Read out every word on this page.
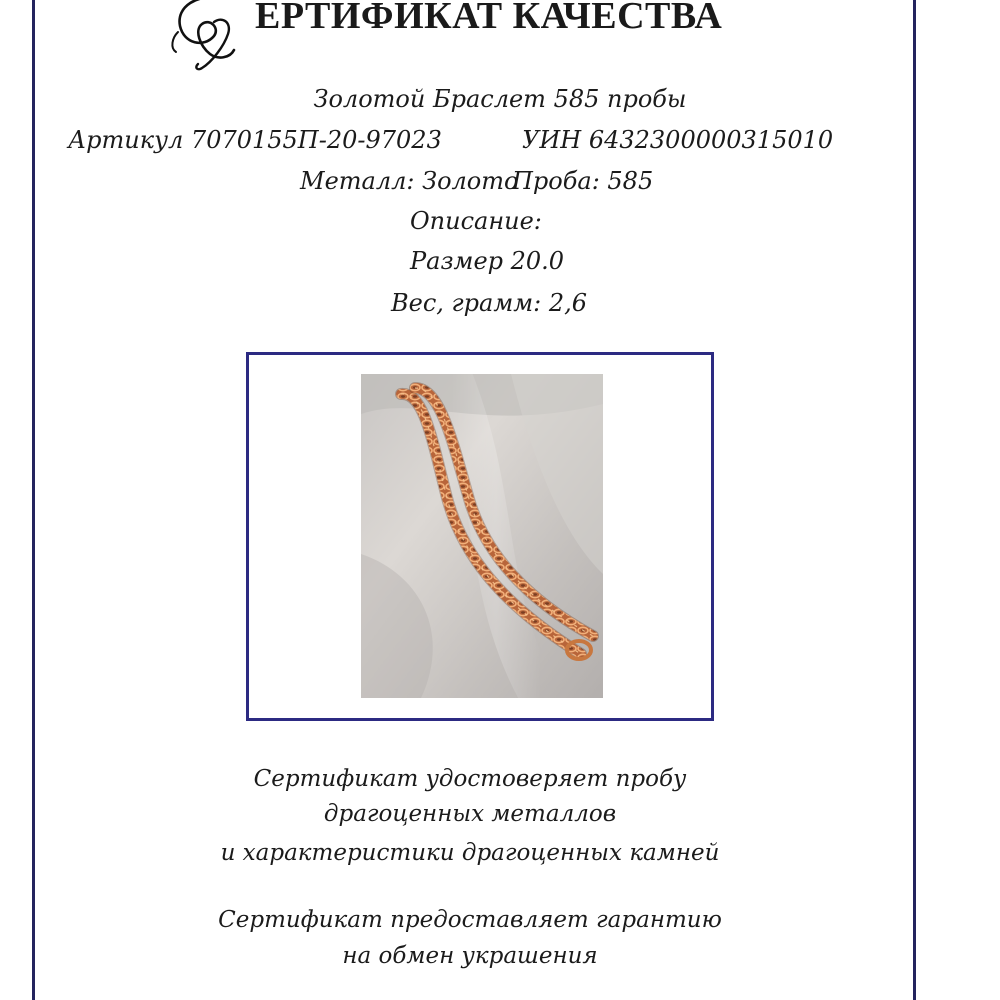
ЕРТИФИКАТ КАЧЕСТВА
Золотой Браслет 585 пробы
Артикул 7070155П-20-97023	УИН 6432300000315010
Металл: Золото
Проба: 585
Описание:
Размер 20.0
Вес, грамм: 2,6
Сертификат удостоверяет пробу
драгоценных металлов
и характеристики драгоценных камней
Сертификат предоставляет гарантию
на обмен украшения
